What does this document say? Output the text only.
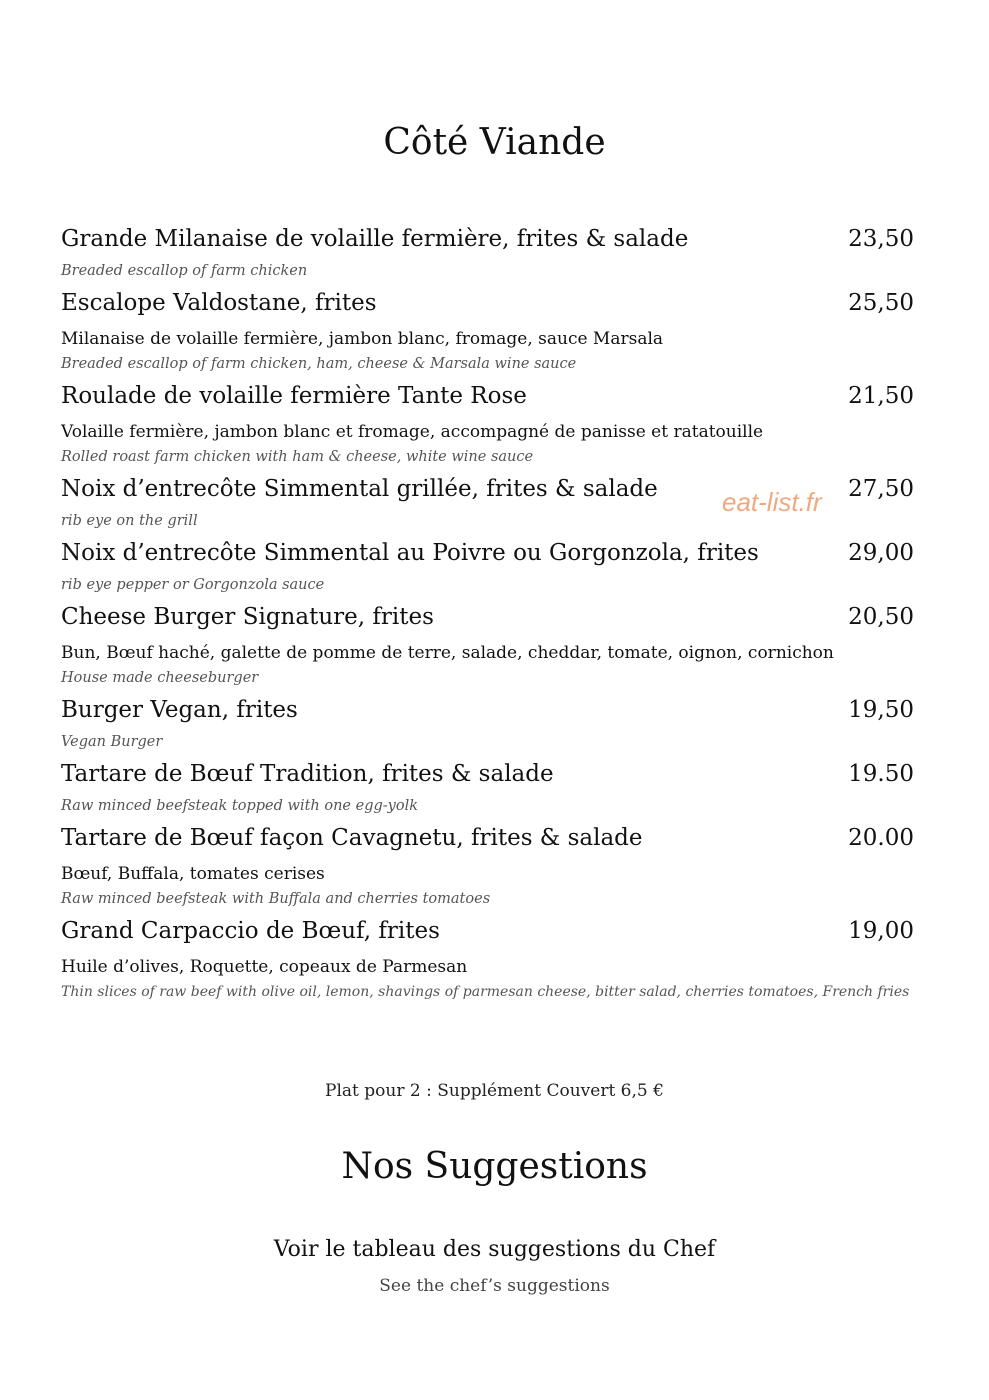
Côté Viande
Grande Milanaise de volaille fermière, frites & salade	23,50
Breaded escallop of farm chicken
Escalope Valdostane, frites	25,50
Milanaise de volaille fermière, jambon blanc, fromage, sauce Marsala
Breaded escallop of farm chicken, ham, cheese & Marsala wine sauce
Roulade de volaille fermière Tante Rose	21,50
Volaille fermière, jambon blanc et fromage, accompagné de panisse et ratatouille
Rolled roast farm chicken with ham & cheese, white wine sauce
Noix d’entrecôte Simmental grillée, frites & salade	27,50
rib eye on the grill
Noix d’entrecôte Simmental au Poivre ou Gorgonzola, frites	29,00
rib eye pepper or Gorgonzola sauce
Cheese Burger Signature, frites	20,50
Bun, Bœuf haché, galette de pomme de terre, salade, cheddar, tomate, oignon, cornichon
House made cheeseburger
Burger Vegan, frites	19,50
Vegan Burger
Tartare de Bœuf Tradition, frites & salade	19.50
Raw minced beefsteak topped with one egg-yolk
Tartare de Bœuf façon Cavagnetu, frites & salade	20.00
Bœuf, Buffala, tomates cerises
Raw minced beefsteak with Buffala and cherries tomatoes
Grand Carpaccio de Bœuf, frites	19,00
Huile d’olives, Roquette, copeaux de Parmesan
Thin slices of raw beef with olive oil, lemon, shavings of parmesan cheese, bitter salad, cherries tomatoes, French fries
eat-list.fr
Plat pour 2 : Supplément Couvert 6,5 €
Nos Suggestions
Voir le tableau des suggestions du Chef
See the chef’s suggestions
